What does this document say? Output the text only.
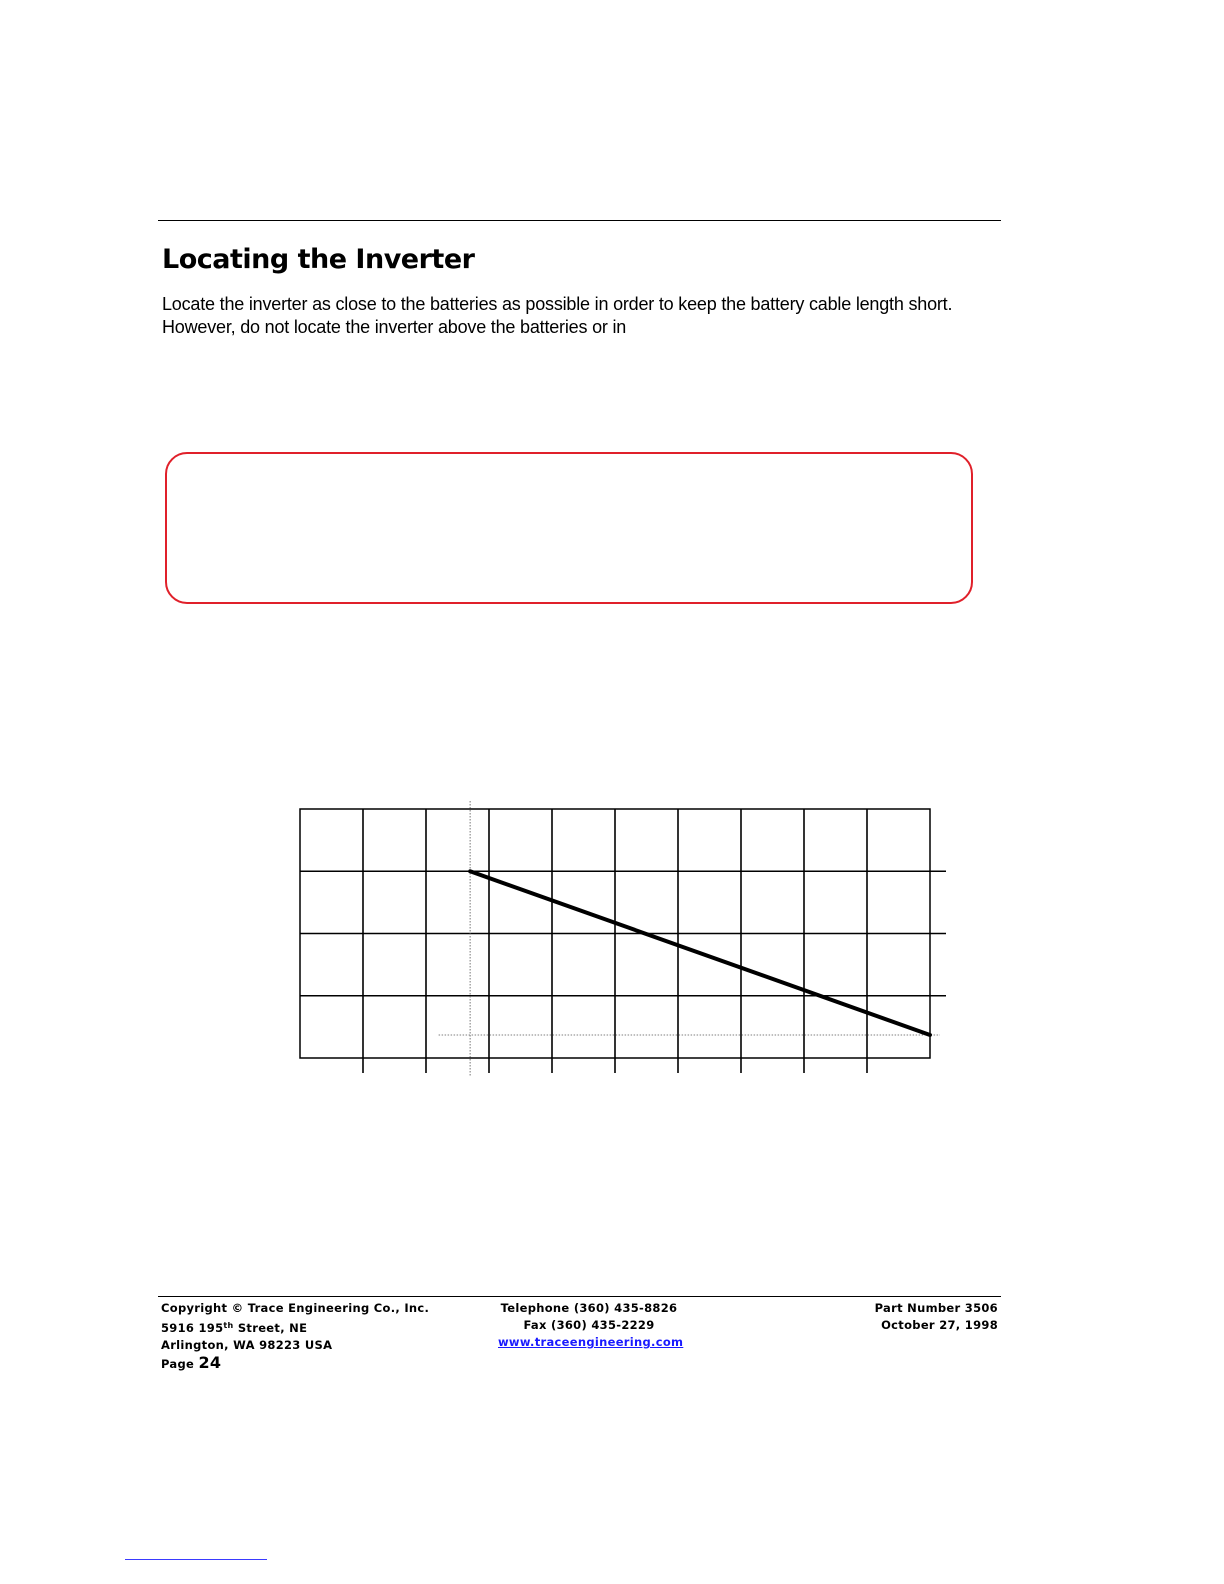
Locating the Inverter

Locate the inverter as close to the batteries as possible in order to keep the battery cable length short. However, do not locate the inverter above the batteries or in

Copyright © Trace Engineering Co., Inc.
5916 195th Street, NE
Arlington, WA 98223 USA
Page 24
Telephone (360) 435-8826
Fax (360) 435-2229
www.traceengineering.com
Part Number 3506
October 27, 1998
